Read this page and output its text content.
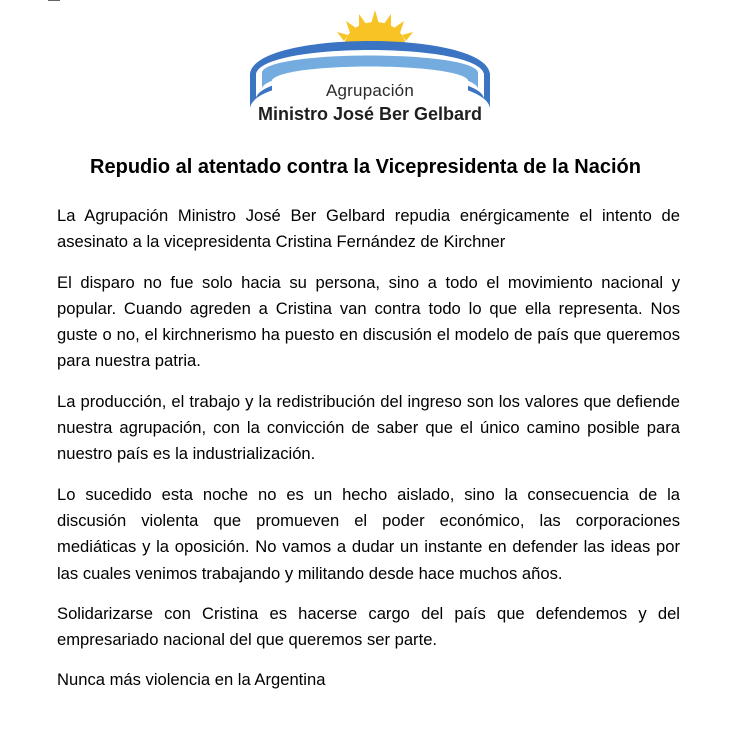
Agrupación
Ministro José Ber Gelbard
Repudio al atentado contra la Vicepresidenta de la Nación

La Agrupación Ministro José Ber Gelbard repudia enérgicamente el intento de asesinato a la vicepresidenta Cristina Fernández de Kirchner

El disparo no fue solo hacia su persona, sino a todo el movimiento nacional y popular. Cuando agreden a Cristina van contra todo lo que ella representa. Nos guste o no, el kirchnerismo ha puesto en discusión el modelo de país que queremos para nuestra patria.

La producción, el trabajo y la redistribución del ingreso son los valores que defiende nuestra agrupación, con la convicción de saber que el único camino posible para nuestro país es la industrialización.

Lo sucedido esta noche no es un hecho aislado, sino la consecuencia de la discusión violenta que promueven el poder económico, las corporaciones mediáticas y la oposición. No vamos a dudar un instante en defender las ideas por las cuales venimos trabajando y militando desde hace muchos años.

Solidarizarse con Cristina es hacerse cargo del país que defendemos y del empresariado nacional del que queremos ser parte.

Nunca más violencia en la Argentina
